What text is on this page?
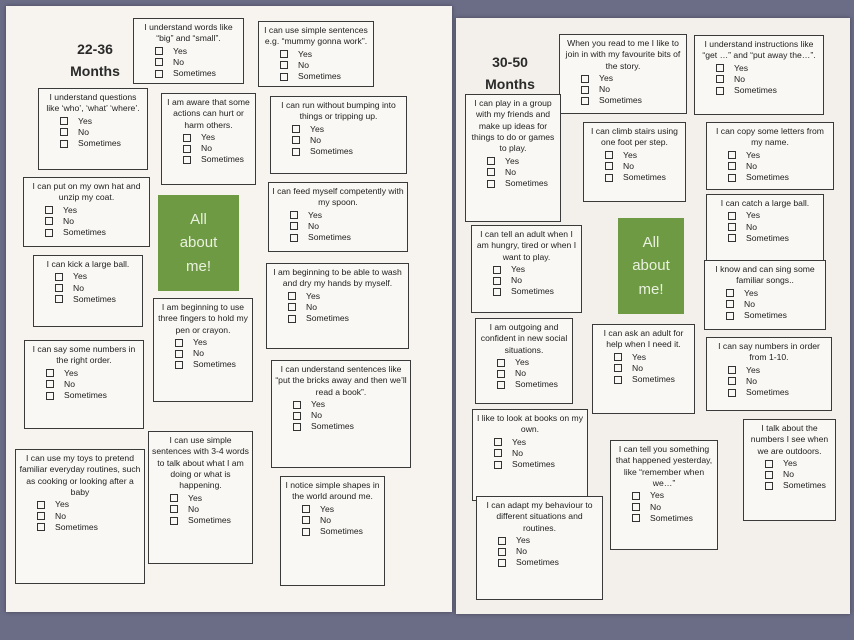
22-36
Months
All
about
me!
I understand words like “big” and “small”.
Yes
No
Sometimes
I can use simple sentences e.g. “mummy gonna work”.
Yes
No
Sometimes
I understand questions like ‘who’, ‘what’ ‘where’.
Yes
No
Sometimes
I am aware that some actions can hurt or harm others.
Yes
No
Sometimes
I can run without bumping into things or tripping up.
Yes
No
Sometimes
I can put on my own hat and unzip my coat.
Yes
No
Sometimes
I can feed myself competently with my spoon.
Yes
No
Sometimes
I can kick a large ball.
Yes
No
Sometimes
I am beginning to be able to wash and dry my hands by myself.
Yes
No
Sometimes
I am beginning to use three fingers to hold my pen or crayon.
Yes
No
Sometimes
I can say some numbers in the right order.
Yes
No
Sometimes
I can understand sentences like “put the bricks away and then we’ll read a book”.
Yes
No
Sometimes
I can use simple sentences with 3-4 words to talk about what I am doing or what is happening.
Yes
No
Sometimes
I can use my toys to pretend familiar everyday routines, such as cooking or looking after a baby
Yes
No
Sometimes
I notice simple shapes in the world around me.
Yes
No
Sometimes
30-50
Months
All
about
me!
When you read to me I like to join in with my favourite bits of the story.
Yes
No
Sometimes
I understand instructions like “get …” and “put away the…”.
Yes
No
Sometimes
I can play in a group with my friends and make up ideas for things to do or games to play.
Yes
No
Sometimes
I can climb stairs using one foot per step.
Yes
No
Sometimes
I can copy some letters from my name.
Yes
No
Sometimes
I can catch a large ball.
Yes
No
Sometimes
I can tell an adult when I am hungry, tired or when I want to play.
Yes
No
Sometimes
I know and can sing some familiar songs..
Yes
No
Sometimes
I am outgoing and confident in new social situations.
Yes
No
Sometimes
I can ask an adult for help when I need it.
Yes
No
Sometimes
I can say numbers in order from 1-10.
Yes
No
Sometimes
I like to look at books on my own.
Yes
No
Sometimes
I talk about the numbers I see when we are outdoors.
Yes
No
Sometimes
I can tell you something that happened yesterday, like “remember when we…”
Yes
No
Sometimes
I can adapt my behaviour to different situations and routines.
Yes
No
Sometimes
